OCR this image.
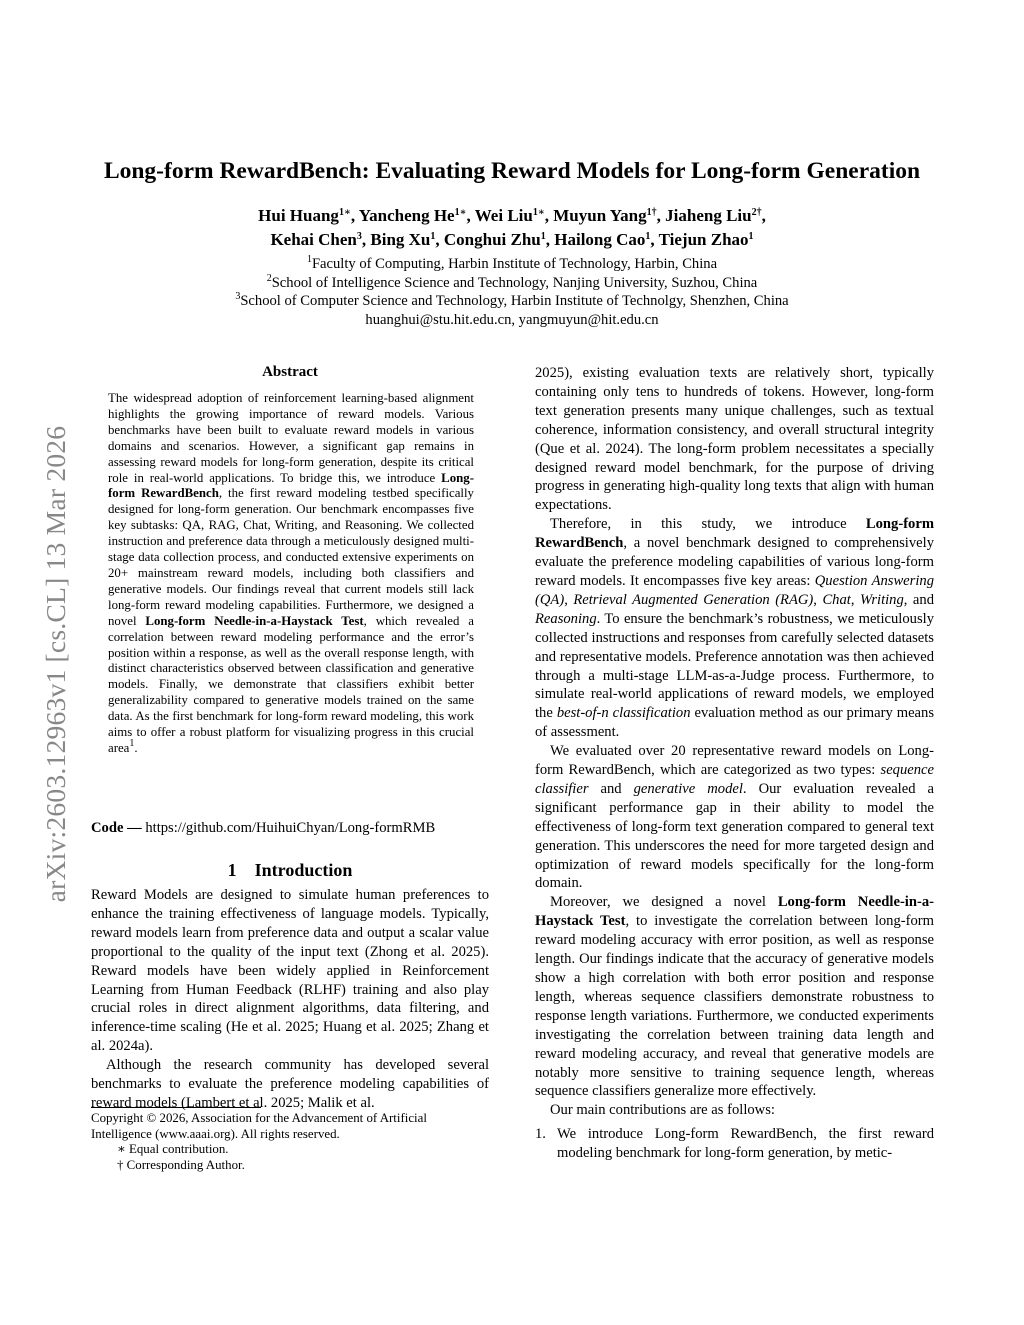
Long-form RewardBench: Evaluating Reward Models for Long-form Generation
Hui Huang$^{1∗}$, Yancheng $He^{1∗}$, Wei Liu$^{1∗}$, Muyun Yang$^{1\dagger}$, Jiaheng Liu$^{2\dagger}$,
Kehai Chen$^3$, Bing Xu$^1$, Conghui Zhu$^1$, Hailong Cao$^1$, Tiejun Zhao$^1$
$^1$Faculty of Computing, Harbin Institute of Technology, Harbin, China
$^2$School of Intelligence Science and Technology, Nanjing University, Suzhou, China
$^3$School of Computer Science and Technology, Harbin Institute of Technolgy, Shenzhen, China
huanghui@stu.hit.edu.cn, yangmuyun@hit.edu.cn
arXiv:2603.12963v1 [cs.CL] 13 Mar 2026
Abstract

The widespread adoption of reinforcement learning-based alignment highlights the growing importance of reward models. Various benchmarks have been built to evaluate reward models in various domains and scenarios. However, a significant gap remains in assessing reward models for long-form generation, despite its critical role in real-world applications. To bridge this, we introduce Long-form RewardBench, the first reward modeling testbed specifically designed for long-form generation. Our benchmark encompasses five key subtasks: QA, RAG, Chat, Writing, and Reasoning. We collected instruction and preference data through a meticulously designed multi-stage data collection process, and conducted extensive experiments on 20+ mainstream reward models, including both classifiers and generative models. Our findings reveal that current models still lack long-form reward modeling capabilities. Furthermore, we designed a novel Long-form Needle-in-a-Haystack Test, which revealed a correlation between reward modeling performance and the error’s position within a response, as well as the overall response length, with distinct characteristics observed between classification and generative models. Finally, we demonstrate that classifiers exhibit better generalizability compared to generative models trained on the same data. As the first benchmark for long-form reward modeling, this work aims to offer a robust platform for visualizing progress in this crucial area$^1$.

Code — https://github.com/HuihuiChyan/Long-formRMB
1 Introduction

Reward Models are designed to simulate human preferences to enhance the training effectiveness of language models. Typically, reward models learn from preference data and output a scalar value proportional to the quality of the input text (Zhong et al. 2025). Reward models have been widely applied in Reinforcement Learning from Human Feedback (RLHF) training and also play crucial roles in direct alignment algorithms, data filtering, and inference-time scaling (He et al. 2025; Huang et al. 2025; Zhang et al. 2024a).

Although the research community has developed several benchmarks to evaluate the preference modeling capabilities of reward models (Lambert et al. 2025; Malik et al.

Copyright © 2026, Association for the Advancement of Artificial Intelligence (www.aaai.org). All rights reserved.

∗ Equal contribution.

† Corresponding Author.

2025), existing evaluation texts are relatively short, typically containing only tens to hundreds of tokens. However, long-form text generation presents many unique challenges, such as textual coherence, information consistency, and overall structural integrity (Que et al. 2024). The long-form problem necessitates a specially designed reward model benchmark, for the purpose of driving progress in generating high-quality long texts that align with human expectations.

Therefore, in this study, we introduce Long-form RewardBench, a novel benchmark designed to comprehensively evaluate the preference modeling capabilities of various long-form reward models. It encompasses five key areas: Question Answering (QA), Retrieval Augmented Generation (RAG), Chat, Writing, and Reasoning. To ensure the benchmark’s robustness, we meticulously collected instructions and responses from carefully selected datasets and representative models. Preference annotation was then achieved through a multi-stage LLM-as-a-Judge process. Furthermore, to simulate real-world applications of reward models, we employed the best-of-n classification evaluation method as our primary means of assessment.

We evaluated over 20 representative reward models on Long-form RewardBench, which are categorized as two types: sequence classifier and generative model. Our evaluation revealed a significant performance gap in their ability to model the effectiveness of long-form text generation compared to general text generation. This underscores the need for more targeted design and optimization of reward models specifically for the long-form domain.

Moreover, we designed a novel Long-form Needle-in-a-Haystack Test, to investigate the correlation between long-form reward modeling accuracy with error position, as well as response length. Our findings indicate that the accuracy of generative models show a high correlation with both error position and response length, whereas sequence classifiers demonstrate robustness to response length variations. Furthermore, we conducted experiments investigating the correlation between training data length and reward modeling accuracy, and reveal that generative models are notably more sensitive to training sequence length, whereas sequence classifiers generalize more effectively.

Our main contributions are as follows:

1. We introduce Long-form RewardBench, the first reward modeling benchmark for long-form generation, by metic-
